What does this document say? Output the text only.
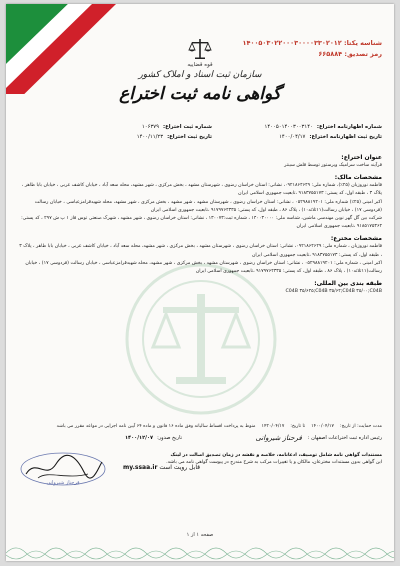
شناسه یکتا: ۱۴۰۰۵۰۳۰۲۲۰۰۰۳۰۰۰۰۳۳۰۲۰۱۲
رمز تصدیق: ۶۶۵۸۸۴
قوه قضاییه
سازمان ثبت اسناد و املاک کشور
گواهی نامه ثبت اختراع
شماره اظهارنامه اختراع:
۱۴۰۰۵۰۱۴۰۰۳۰۰۳۱۴۰
شماره ثبت اختراع:
۱۰۶۳۷۹
تاریخ ثبت اظهارنامه اختراع:
۱۴۰۰/۰۴/۱۷
تاریخ ثبت اختراع:
۱۴۰۰/۱۱/۲۳
عنوان اختراع:
فرآیند ساخت سرامیک ویرستور توسط فلش سینتر
مشخصات مالک:
فاطمه نوروزیان (۲۵٪)، شماره ملی: ۰۹۲۱۸۶۴۶۴۹، نشانی: استان خراسان رضوی ، شهرستان مشهد ، بخش مرکزی ، شهر مشهد، محله سعد آباد ، خیابان کاشف غربی ، خیابان بابا طاهر ، پلاک ۳ ، طبقه اول، کد پستی: ۹۱۸۳۷۵۵۱۷۳ ،تابعیت جمهوری اسلامی ایران
اکبر امینی (۲۵٪) شماره ملی: ۰۵۲۹۸۸۱۹۲۰۱ ، نشانی: استان خراسان رضوی ، شهرستان مشهد ، شهر مشهد ، بخش مرکزی ، شهر مشهد، محله شهیدقرامزعباسی ، خیابان رسالت (فردوسی ۱۷) ، خیابان رسالت(۱۱ثلاثه۱۰) ، پلاک ۸۶ ، طبقه اول، کد پستی: ۹۱۷۹۷۶۴۳۳۵ ،تابعیت جمهوری اسلامی ایران
شرکت بین گل گهر نوین مهندسی ماشین، شناسه ملی: ۱۴۰۰۳۰۰۰۰ ، شماره ثبت:۱۳۰۰۷۳ ، نشانی: استان خراسان رضوی ، شهر مشهد ، شهرک صنعتی توس فاز ۱ پ ش ۲۹۷ ، کد پستی: ۹۱۸۵۱۷۵۳۶۲ ،تابعیت جمهوری اسلامی ایران
مشخصات مخترع:
فاطمه نوروزیان ، شماره ملی: ۰۹۲۱۸۶۴۶۴۹، نشانی: استان خراسان رضوی ، شهرستان مشهد ، بخش مرکزی ، شهر مشهد، محله سعد آباد ، خیابان کاشف غربی ، خیابان بابا طاهر ، پلاک ۳ ، طبقه اول، کد پستی: ۹۱۸۳۷۵۵۱۷۳ ،تابعیت جمهوری اسلامی ایران
اکبر امینی ، شماره ملی: ۰۵۲۹۸۸۱۹۲۰۱ ، نشانی: استان خراسان رضوی ، شهرستان مشهد ، بخش مرکزی ، شهر مشهد، محله شهیدقرامزعباسی ، خیابان رسالت (فردوسی ۱۷) ، خیابان رسالت(۱۱ثلاثه۱۰) ، پلاک ۸۶ ، طبقه اول، کد پستی: ۹۱۷۹۷۶۴۳۳۵ ،تابعیت جمهوری اسلامی ایران
طبقه بندی بین المللی:
C04B ۳۵/۶۴۵;C04B ۳۵/۶۴;C04B ۳۵/۰۰;C04B
مدت حمایت: از تاریخ:
۱۴۰۰/۰۴/۱۷
تا تاریخ:
۱۴۲۰/۰۴/۱۷
منوط به پرداخت اقساط سالیانه وفق ماده ۱۶ قانون و ماده ۶۴ آیین نامه اجرایی در مواعد مقرر می باشد
رئیس اداره ثبت اختراعات اصفهان :
فرحناز شیروانی
تاریخ صدور:
۱۴۰۰/۱۲/۰۷
مستندات گواهی نامه شامل توصیف، ادعانامه، خلاصه و نقشه در زمان تصدیق اصالت در لینک
این گواهی بدون مستندات مخترعان، مالکان و یا تغییرات مرکب به شرح مندرج در پیوست گواهی نامه می باشد.
my.ssaa.ir قابل رویت است
فرحناز شیروانی
صفحه ۱ از ۱
